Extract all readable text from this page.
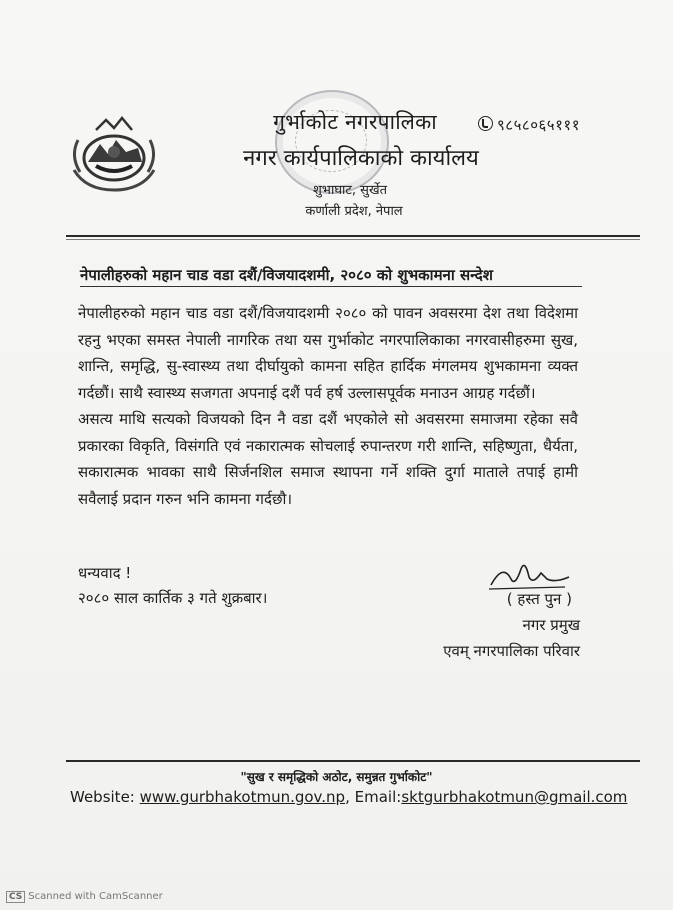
गुर्भाकोट नगरपालिका
नगर कार्यपालिकाको कार्यालय
शुभाघाट, सुर्खेत
कर्णाली प्रदेश, नेपाल
९८५८०६५१११
नेपालीहरुको महान चाड वडा दशैं/विजयादशमी, २०८० को शुभकामना सन्देश

नेपालीहरुको महान चाड वडा दशैं/विजयादशमी २०८० को पावन अवसरमा देश तथा विदेशमा रहनु भएका समस्त नेपाली नागरिक तथा यस गुर्भाकोट नगरपालिकाका नगरवासीहरुमा सुख, शान्ति, समृद्धि, सु-स्वास्थ्य तथा दीर्घायुको कामना सहित हार्दिक मंगलमय शुभकामना व्यक्त गर्दछौं। साथै स्वास्थ्य सजगता अपनाई दशैं पर्व हर्ष उल्लासपूर्वक मनाउन आग्रह गर्दछौं।

असत्य माथि सत्यको विजयको दिन नै वडा दशैं भएकोले सो अवसरमा समाजमा रहेका सवै प्रकारका विकृति, विसंगति एवं नकारात्मक सोचलाई रुपान्तरण गरी शान्ति, सहिष्णुता, धैर्यता, सकारात्मक भावका साथै सिर्जनशिल समाज स्थापना गर्ने शक्ति दुर्गा माताले तपाई हामी सवैलाई प्रदान गरुन भनि कामना गर्दछौ।

धन्यवाद !
२०८० साल कार्तिक ३ गते शुक्रबार।	( हस्त पुन )
नगर प्रमुख
एवम् नगरपालिका परिवार
"सुख र समृद्धिको अठोट, समुन्नत गुर्भाकोट"
Website: www.gurbhakotmun.gov.np, Email:sktgurbhakotmun@gmail.com
CS Scanned with CamScanner
